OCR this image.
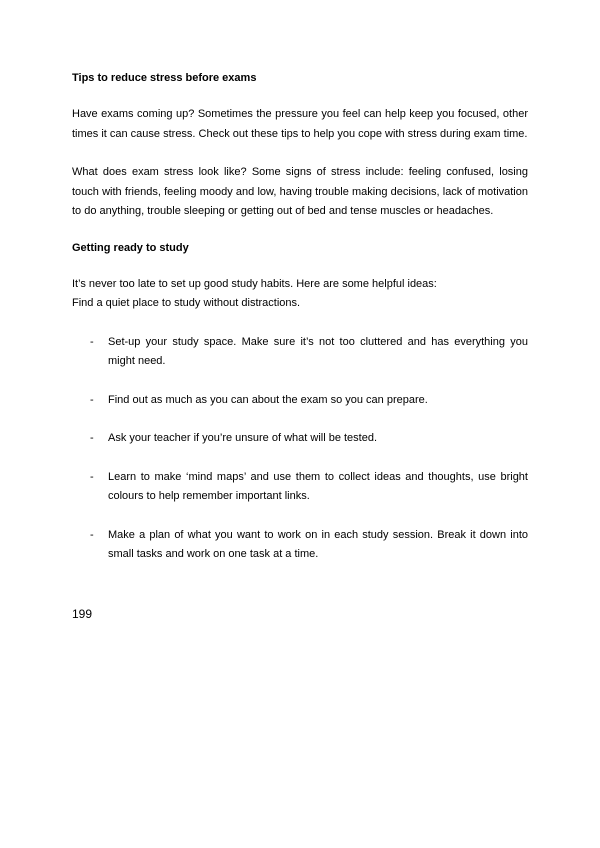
Tips to reduce stress before exams

Have exams coming up? Sometimes the pressure you feel can help keep you focused, other times it can cause stress. Check out these tips to help you cope with stress during exam time.

What does exam stress look like? Some signs of stress include: feeling confused, losing touch with friends, feeling moody and low, having trouble making decisions, lack of motivation to do anything, trouble sleeping or getting out of bed and tense muscles or headaches.

Getting ready to study

It’s never too late to set up good study habits. Here are some helpful ideas:

Find a quiet place to study without distractions.

- Set-up your study space. Make sure it’s not too cluttered and has everything you might need.
- Find out as much as you can about the exam so you can prepare.
- Ask your teacher if you’re unsure of what will be tested.
- Learn to make ‘mind maps’ and use them to collect ideas and thoughts, use bright colours to help remember important links.
- Make a plan of what you want to work on in each study session. Break it down into small tasks and work on one task at a time.
199
